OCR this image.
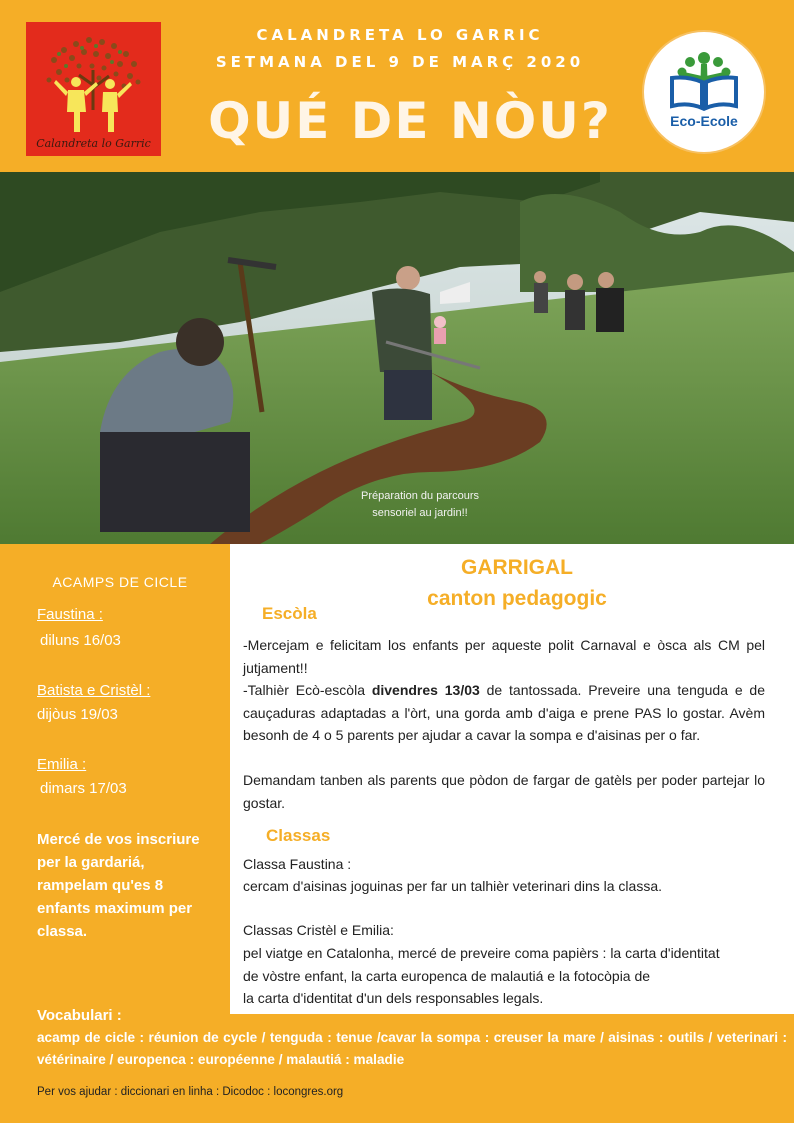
Calandreta lo Garric
CALANDRETA LO GARRIC
SETMANA DEL 9 DE MARÇ 2020
QUÉ DE NÒU?	Eco-Ecole
Préparation du parcours
sensoriel au jardin!!
ACAMPS DE CICLE
Faustina :
diluns 16/03
Batista e Cristèl :
dijòus 19/03
Emilia :
dimars 17/03
Mercé de vos inscriure per la gardariá, rampelam qu'es 8 enfants maximum per classa.
GARRIGAL
canton pedagogic
Escòla
-Mercejam e felicitam los enfants per aqueste polit Carnaval e òsca als CM pel jutjament!!
-Talhièr Ecò-escòla divendres 13/03 de tantossada. Preveire una tenguda e de cauçaduras adaptadas a l'òrt, una gorda amb d'aiga e prene PAS lo gostar. Avèm besonh de 4 o 5 parents per ajudar a cavar la sompa e d'aisinas per o far.
Demandam tanben als parents que pòdon de fargar de gatèls per poder partejar lo gostar.
Classas
Classa Faustina :
cercam d'aisinas joguinas per far un talhièr veterinari dins la classa.
Classas Cristèl e Emilia:
pel viatge en Catalonha, mercé de preveire coma papièrs : la carta d'identitat
de vòstre enfant, la carta europenca de malautiá e la fotocòpia de
la carta d'identitat d'un dels responsables legals.
Vocabulari :
acamp de cicle : réunion de cycle / tenguda : tenue /cavar la sompa : creuser la mare / aisinas : outils / veterinari : vétérinaire / europenca : européenne / malautiá : maladie
Per vos ajudar : diccionari en linha : Dicodoc : locongres.org
